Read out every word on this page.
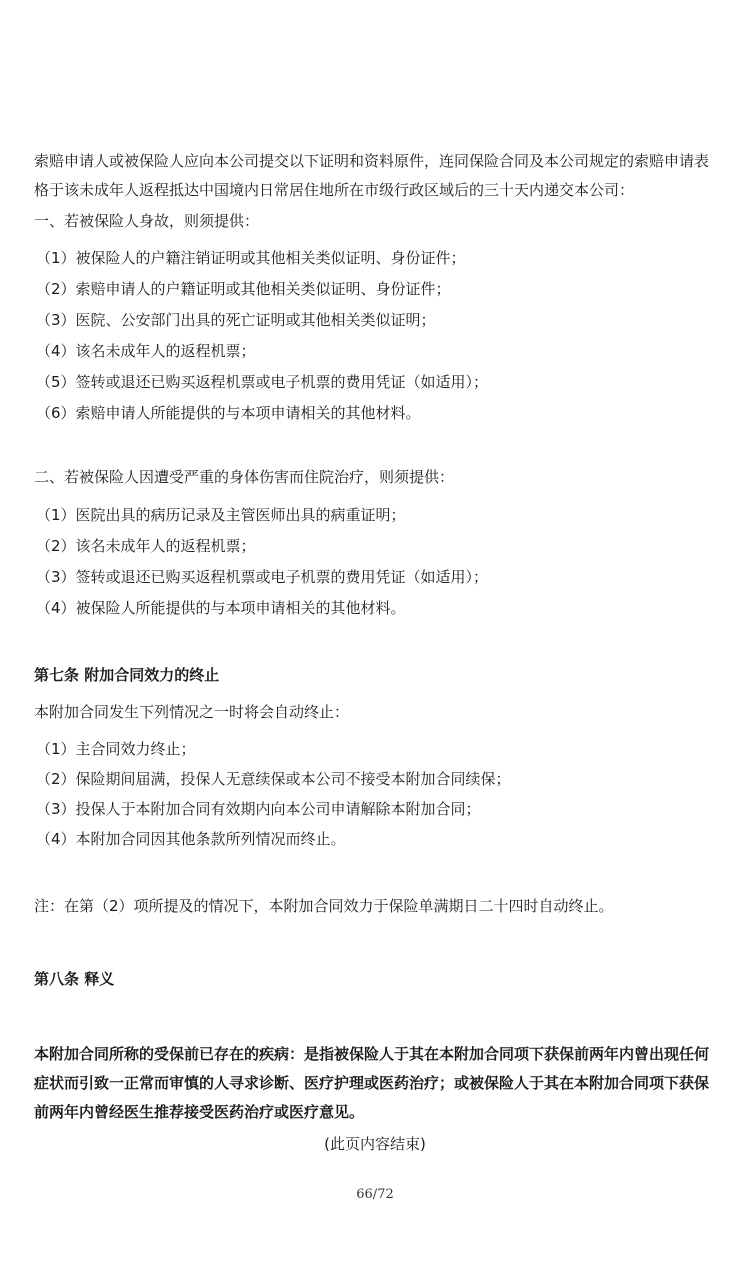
索赔申请人或被保险人应向本公司提交以下证明和资料原件，连同保险合同及本公司规定的索赔申请表格于该未成年人返程抵达中国境内日常居住地所在市级行政区域后的三十天内递交本公司：
一、若被保险人身故，则须提供：
（1）被保险人的户籍注销证明或其他相关类似证明、身份证件；
（2）索赔申请人的户籍证明或其他相关类似证明、身份证件；
（3）医院、公安部门出具的死亡证明或其他相关类似证明；
（4）该名未成年人的返程机票；
（5）签转或退还已购买返程机票或电子机票的费用凭证（如适用）；
（6）索赔申请人所能提供的与本项申请相关的其他材料。
二、若被保险人因遭受严重的身体伤害而住院治疗，则须提供：
（1）医院出具的病历记录及主管医师出具的病重证明；
（2）该名未成年人的返程机票；
（3）签转或退还已购买返程机票或电子机票的费用凭证（如适用）；
（4）被保险人所能提供的与本项申请相关的其他材料。
第七条 附加合同效力的终止
本附加合同发生下列情况之一时将会自动终止：
（1）主合同效力终止；
（2）保险期间届满，投保人无意续保或本公司不接受本附加合同续保；
（3）投保人于本附加合同有效期内向本公司申请解除本附加合同；
（4）本附加合同因其他条款所列情况而终止。
注：在第（2）项所提及的情况下，本附加合同效力于保险单满期日二十四时自动终止。
第八条 释义
本附加合同所称的受保前已存在的疾病：是指被保险人于其在本附加合同项下获保前两年内曾出现任何症状而引致一正常而审慎的人寻求诊断、医疗护理或医药治疗；或被保险人于其在本附加合同项下获保前两年内曾经医生推荐接受医药治疗或医疗意见。
(此页内容结束)
66/72
